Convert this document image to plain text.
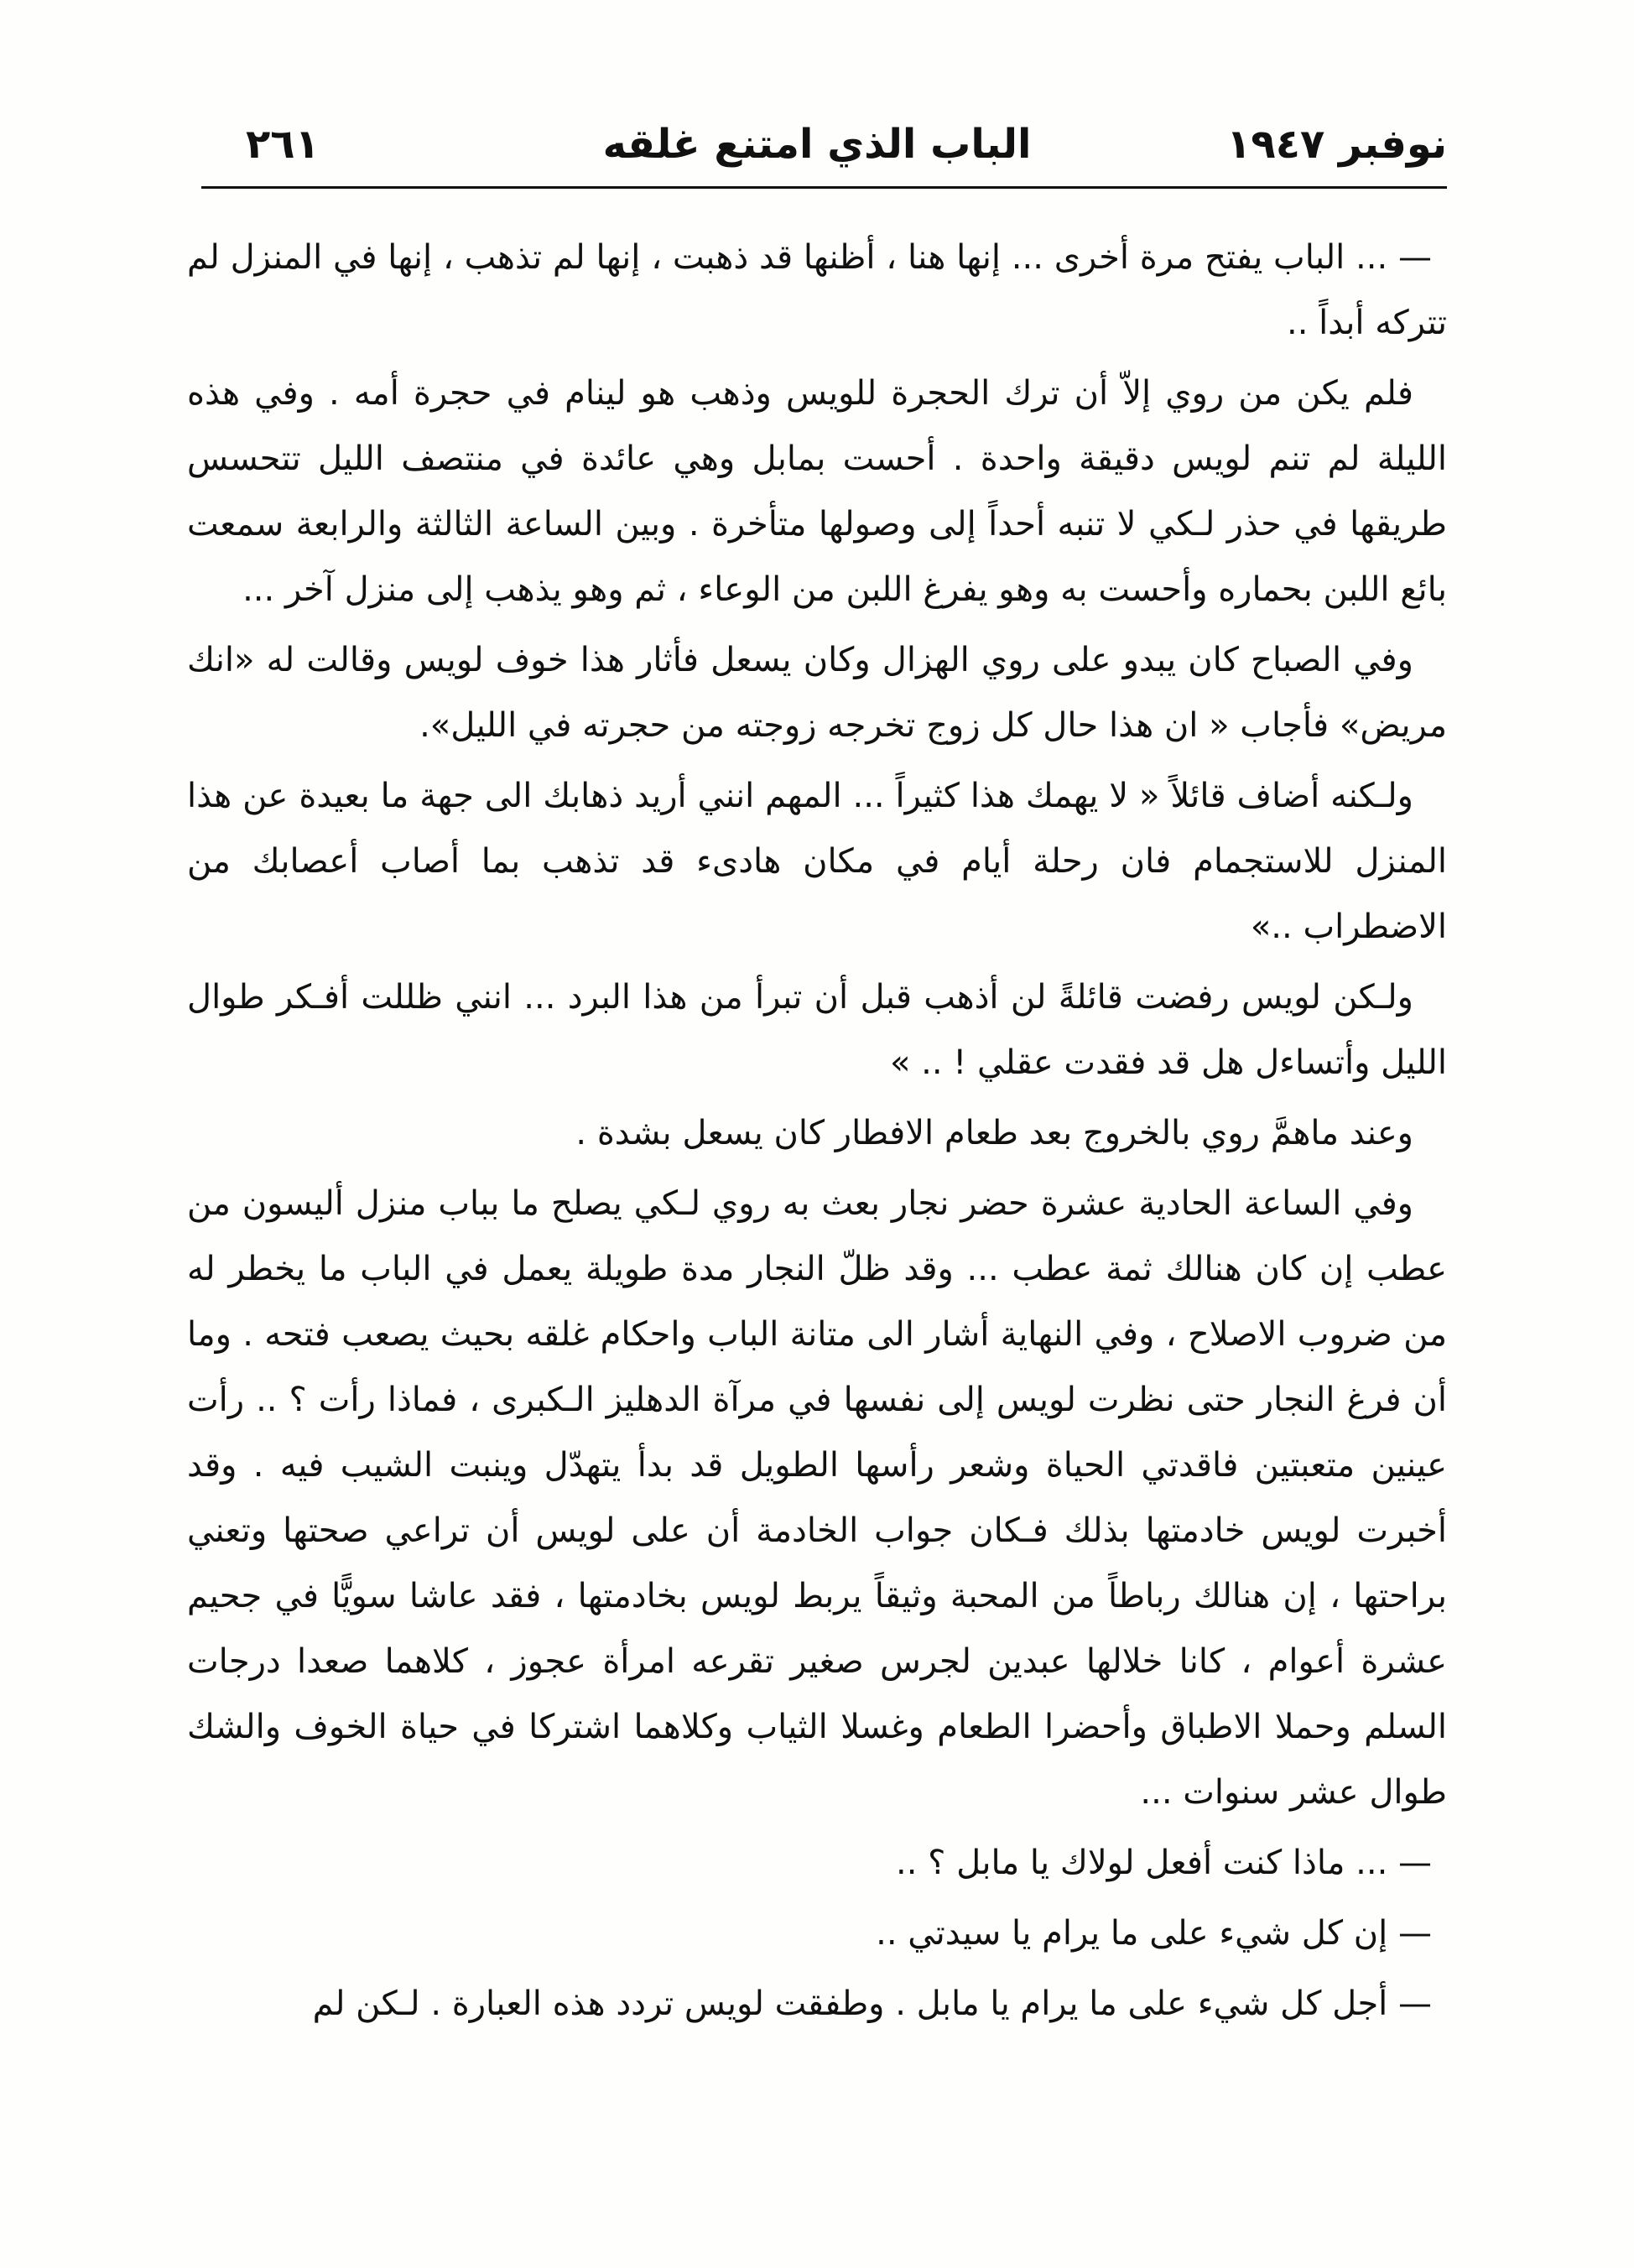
نوفبر ١٩٤٧
الباب الذي امتنع غلقه
٢٦١

— ... الباب يفتح مرة أخرى ... إنها هنا ، أظنها قد ذهبت ، إنها لم تذهب ، إنها في المنزل لم تتركه أبداً ..

فلم يكن من روي إلاّ أن ترك الحجرة للويس وذهب هو لينام في حجرة أمه . وفي هذه الليلة لم تنم لويس دقيقة واحدة . أحست بمابل وهي عائدة في منتصف الليل تتحسس طريقها في حذر لـكي لا تنبه أحداً إلى وصولها متأخرة . وبين الساعة الثالثة والرابعة سمعت بائع اللبن بحماره وأحست به وهو يفرغ اللبن من الوعاء ، ثم وهو يذهب إلى منزل آخر ...

وفي الصباح كان يبدو على روي الهزال وكان يسعل فأثار هذا خوف لويس وقالت له «انك مريض» فأجاب « ان هذا حال كل زوج تخرجه زوجته من حجرته في الليل».

ولـكنه أضاف قائلاً « لا يهمك هذا كثيراً ... المهم انني أريد ذهابك الى جهة ما بعيدة عن هذا المنزل للاستجمام فان رحلة أيام في مكان هادىء قد تذهب بما أصاب أعصابك من الاضطراب ..»

ولـكن لويس رفضت قائلةً لن أذهب قبل أن تبرأ من هذا البرد ... انني ظللت أفـكر طوال الليل وأتساءل هل قد فقدت عقلي ! .. »

وعند ماهمَّ روي بالخروج بعد طعام الافطار كان يسعل بشدة .

وفي الساعة الحادية عشرة حضر نجار بعث به روي لـكي يصلح ما بباب منزل أليسون من عطب إن كان هنالك ثمة عطب ... وقد ظلّ النجار مدة طويلة يعمل في الباب ما يخطر له من ضروب الاصلاح ، وفي النهاية أشار الى متانة الباب واحكام غلقه بحيث يصعب فتحه . وما أن فرغ النجار حتى نظرت لويس إلى نفسها في مرآة الدهليز الـكبرى ، فماذا رأت ؟ .. رأت عينين متعبتين فاقدتي الحياة وشعر رأسها الطويل قد بدأ يتهدّل وينبت الشيب فيه . وقد أخبرت لويس خادمتها بذلك فـكان جواب الخادمة أن على لويس أن تراعي صحتها وتعني براحتها ، إن هنالك رباطاً من المحبة وثيقاً يربط لويس بخادمتها ، فقد عاشا سويًّا في جحيم عشرة أعوام ، كانا خلالها عبدين لجرس صغير تقرعه امرأة عجوز ، كلاهما صعدا درجات السلم وحملا الاطباق وأحضرا الطعام وغسلا الثياب وكلاهما اشتركا في حياة الخوف والشك طوال عشر سنوات ...

— ... ماذا كنت أفعل لولاك يا مابل ؟ ..

— إن كل شيء على ما يرام يا سيدتي ..

— أجل كل شيء على ما يرام يا مابل . وطفقت لويس تردد هذه العبارة . لـكن لم
